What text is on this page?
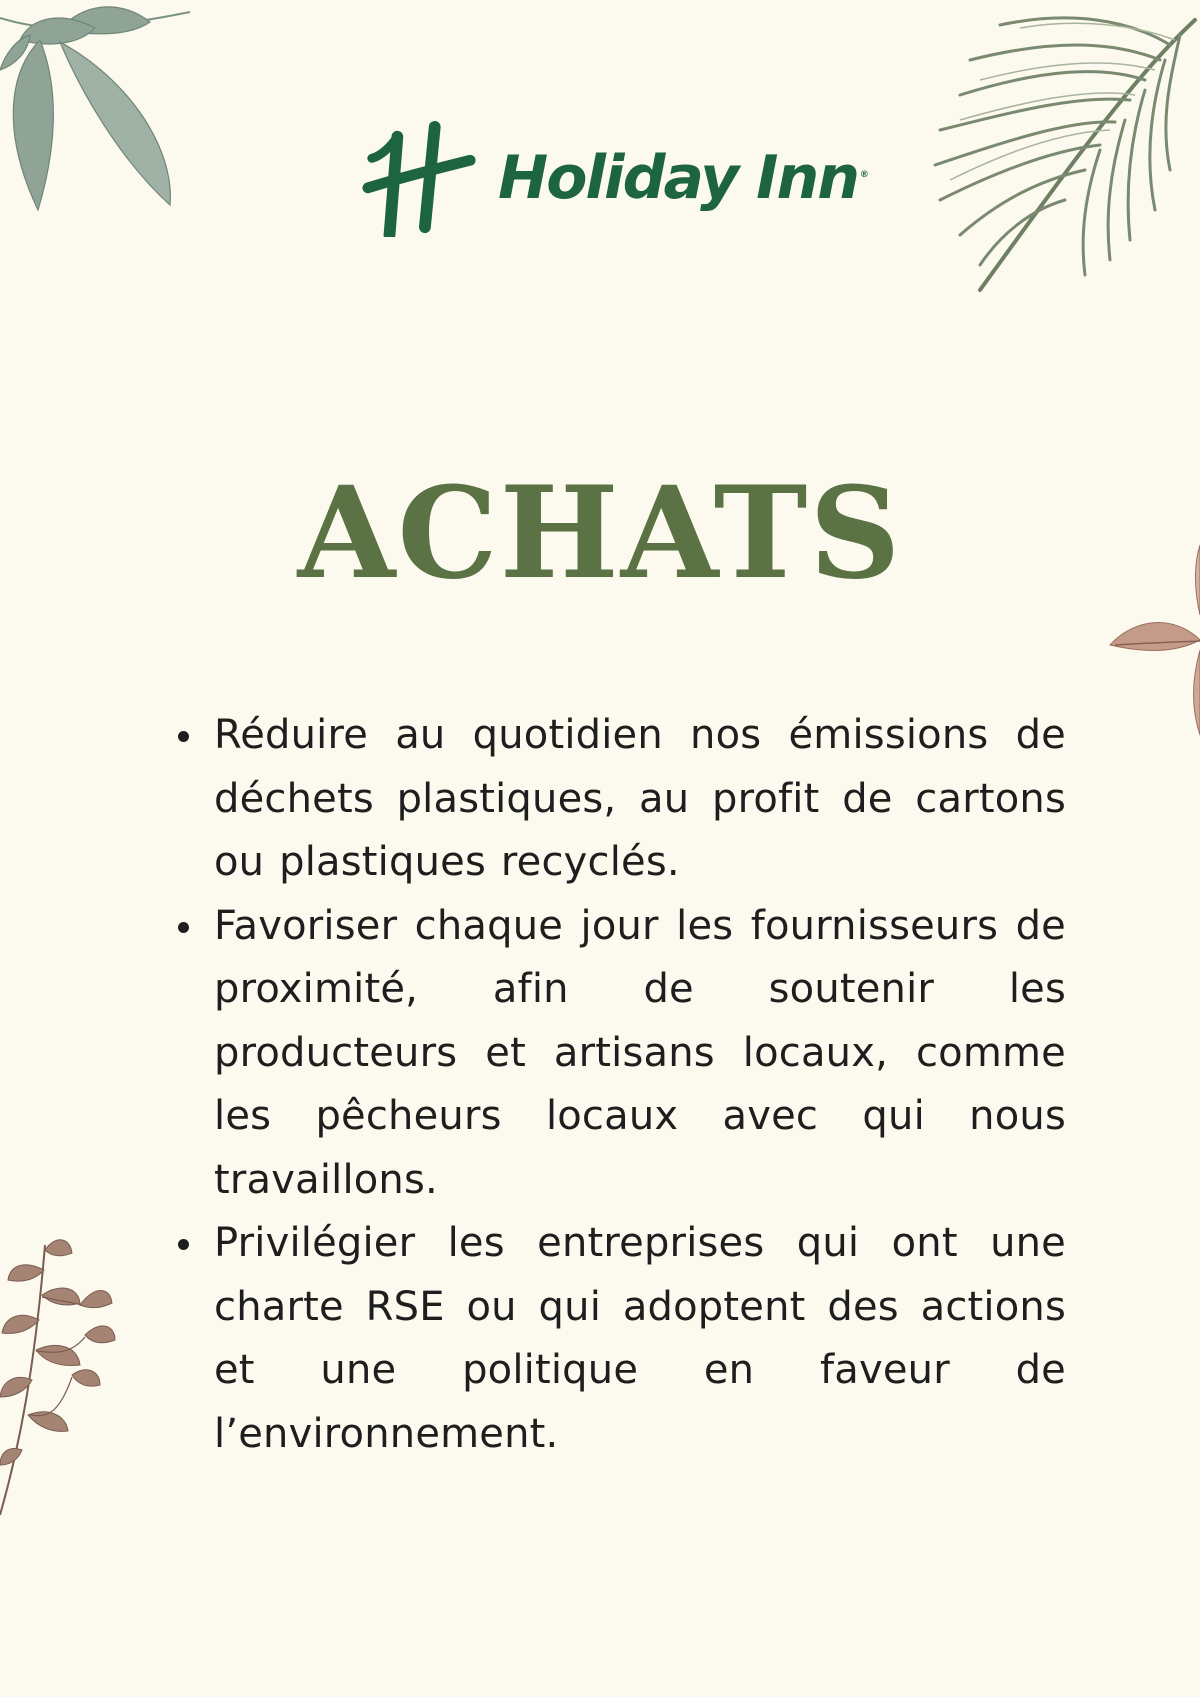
Holiday Inn ®
ACHATS
Réduire au quotidien nos émissions de déchets plastiques, au profit de cartons ou plastiques recyclés.
Favoriser chaque jour les fournisseurs de proximité, afin de soutenir les producteurs et artisans locaux, comme les pêcheurs locaux avec qui nous travaillons.
Privilégier les entreprises qui ont une charte RSE ou qui adoptent des actions et une politique en faveur de l’environnement.
